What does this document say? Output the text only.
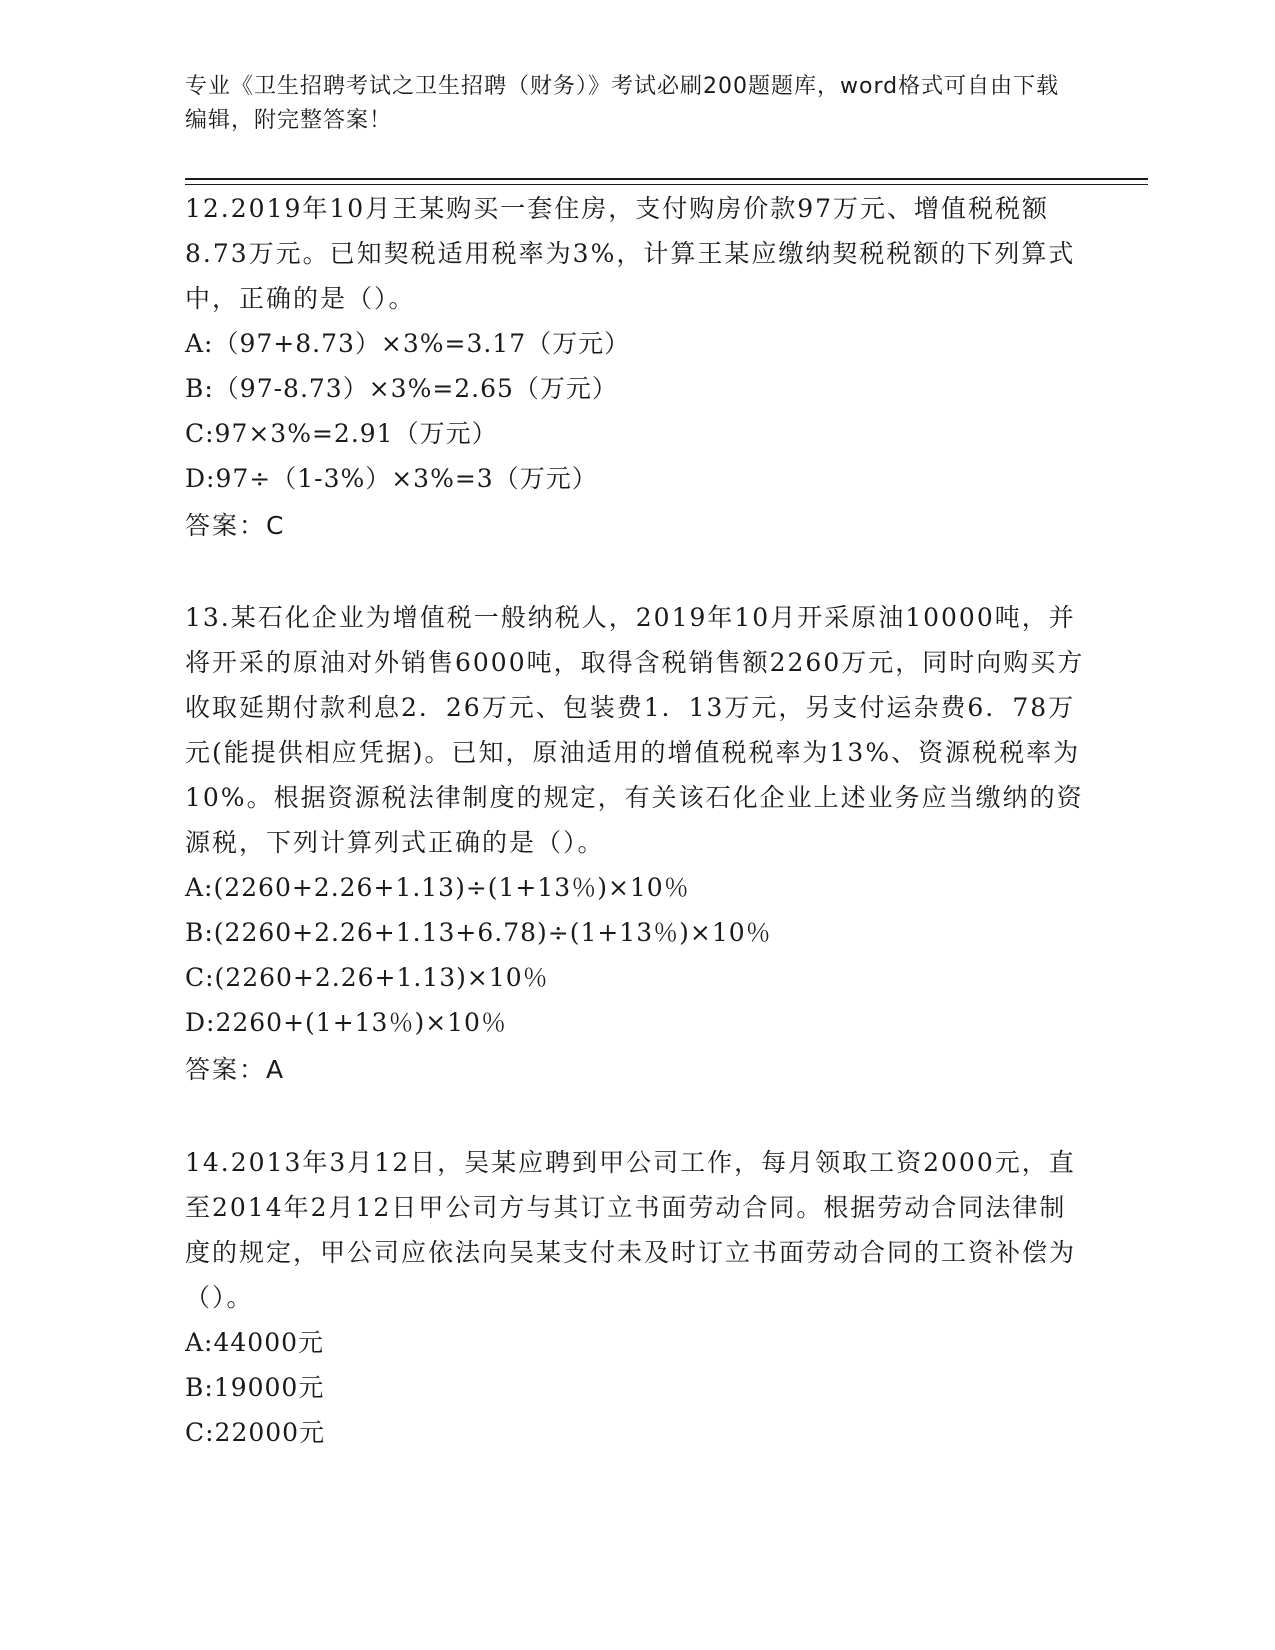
专业《卫生招聘考试之卫生招聘（财务）》考试必刷200题题库，word格式可自由下载编辑，附完整答案！
12.2019年10月王某购买一套住房，支付购房价款97万元、增值税税额8.73万元。已知契税适用税率为3%，计算王某应缴纳契税税额的下列算式中，正确的是（）。
A:（97+8.73）×3%=3.17（万元）
B:（97-8.73）×3%=2.65（万元）
C:97×3%=2.91（万元）
D:97÷（1-3%）×3%=3（万元）
答案：C
13.某石化企业为增值税一般纳税人，2019年10月开采原油10000吨，并将开采的原油对外销售6000吨，取得含税销售额2260万元，同时向购买方收取延期付款利息2．26万元、包装费1．13万元，另支付运杂费6．78万元(能提供相应凭据)。已知，原油适用的增值税税率为13%、资源税税率为10%。根据资源税法律制度的规定，有关该石化企业上述业务应当缴纳的资源税，下列计算列式正确的是（）。
A:(2260+2.26+1.13)÷(1+13％)×10％
B:(2260+2.26+1.13+6.78)÷(1+13％)×10％
C:(2260+2.26+1.13)×10％
D:2260+(1+13％)×10％
答案：A
14.2013年3月12日，吴某应聘到甲公司工作，每月领取工资2000元，直至2014年2月12日甲公司方与其订立书面劳动合同。根据劳动合同法律制度的规定，甲公司应依法向吴某支付未及时订立书面劳动合同的工资补偿为（）。
A:44000元
B:19000元
C:22000元
